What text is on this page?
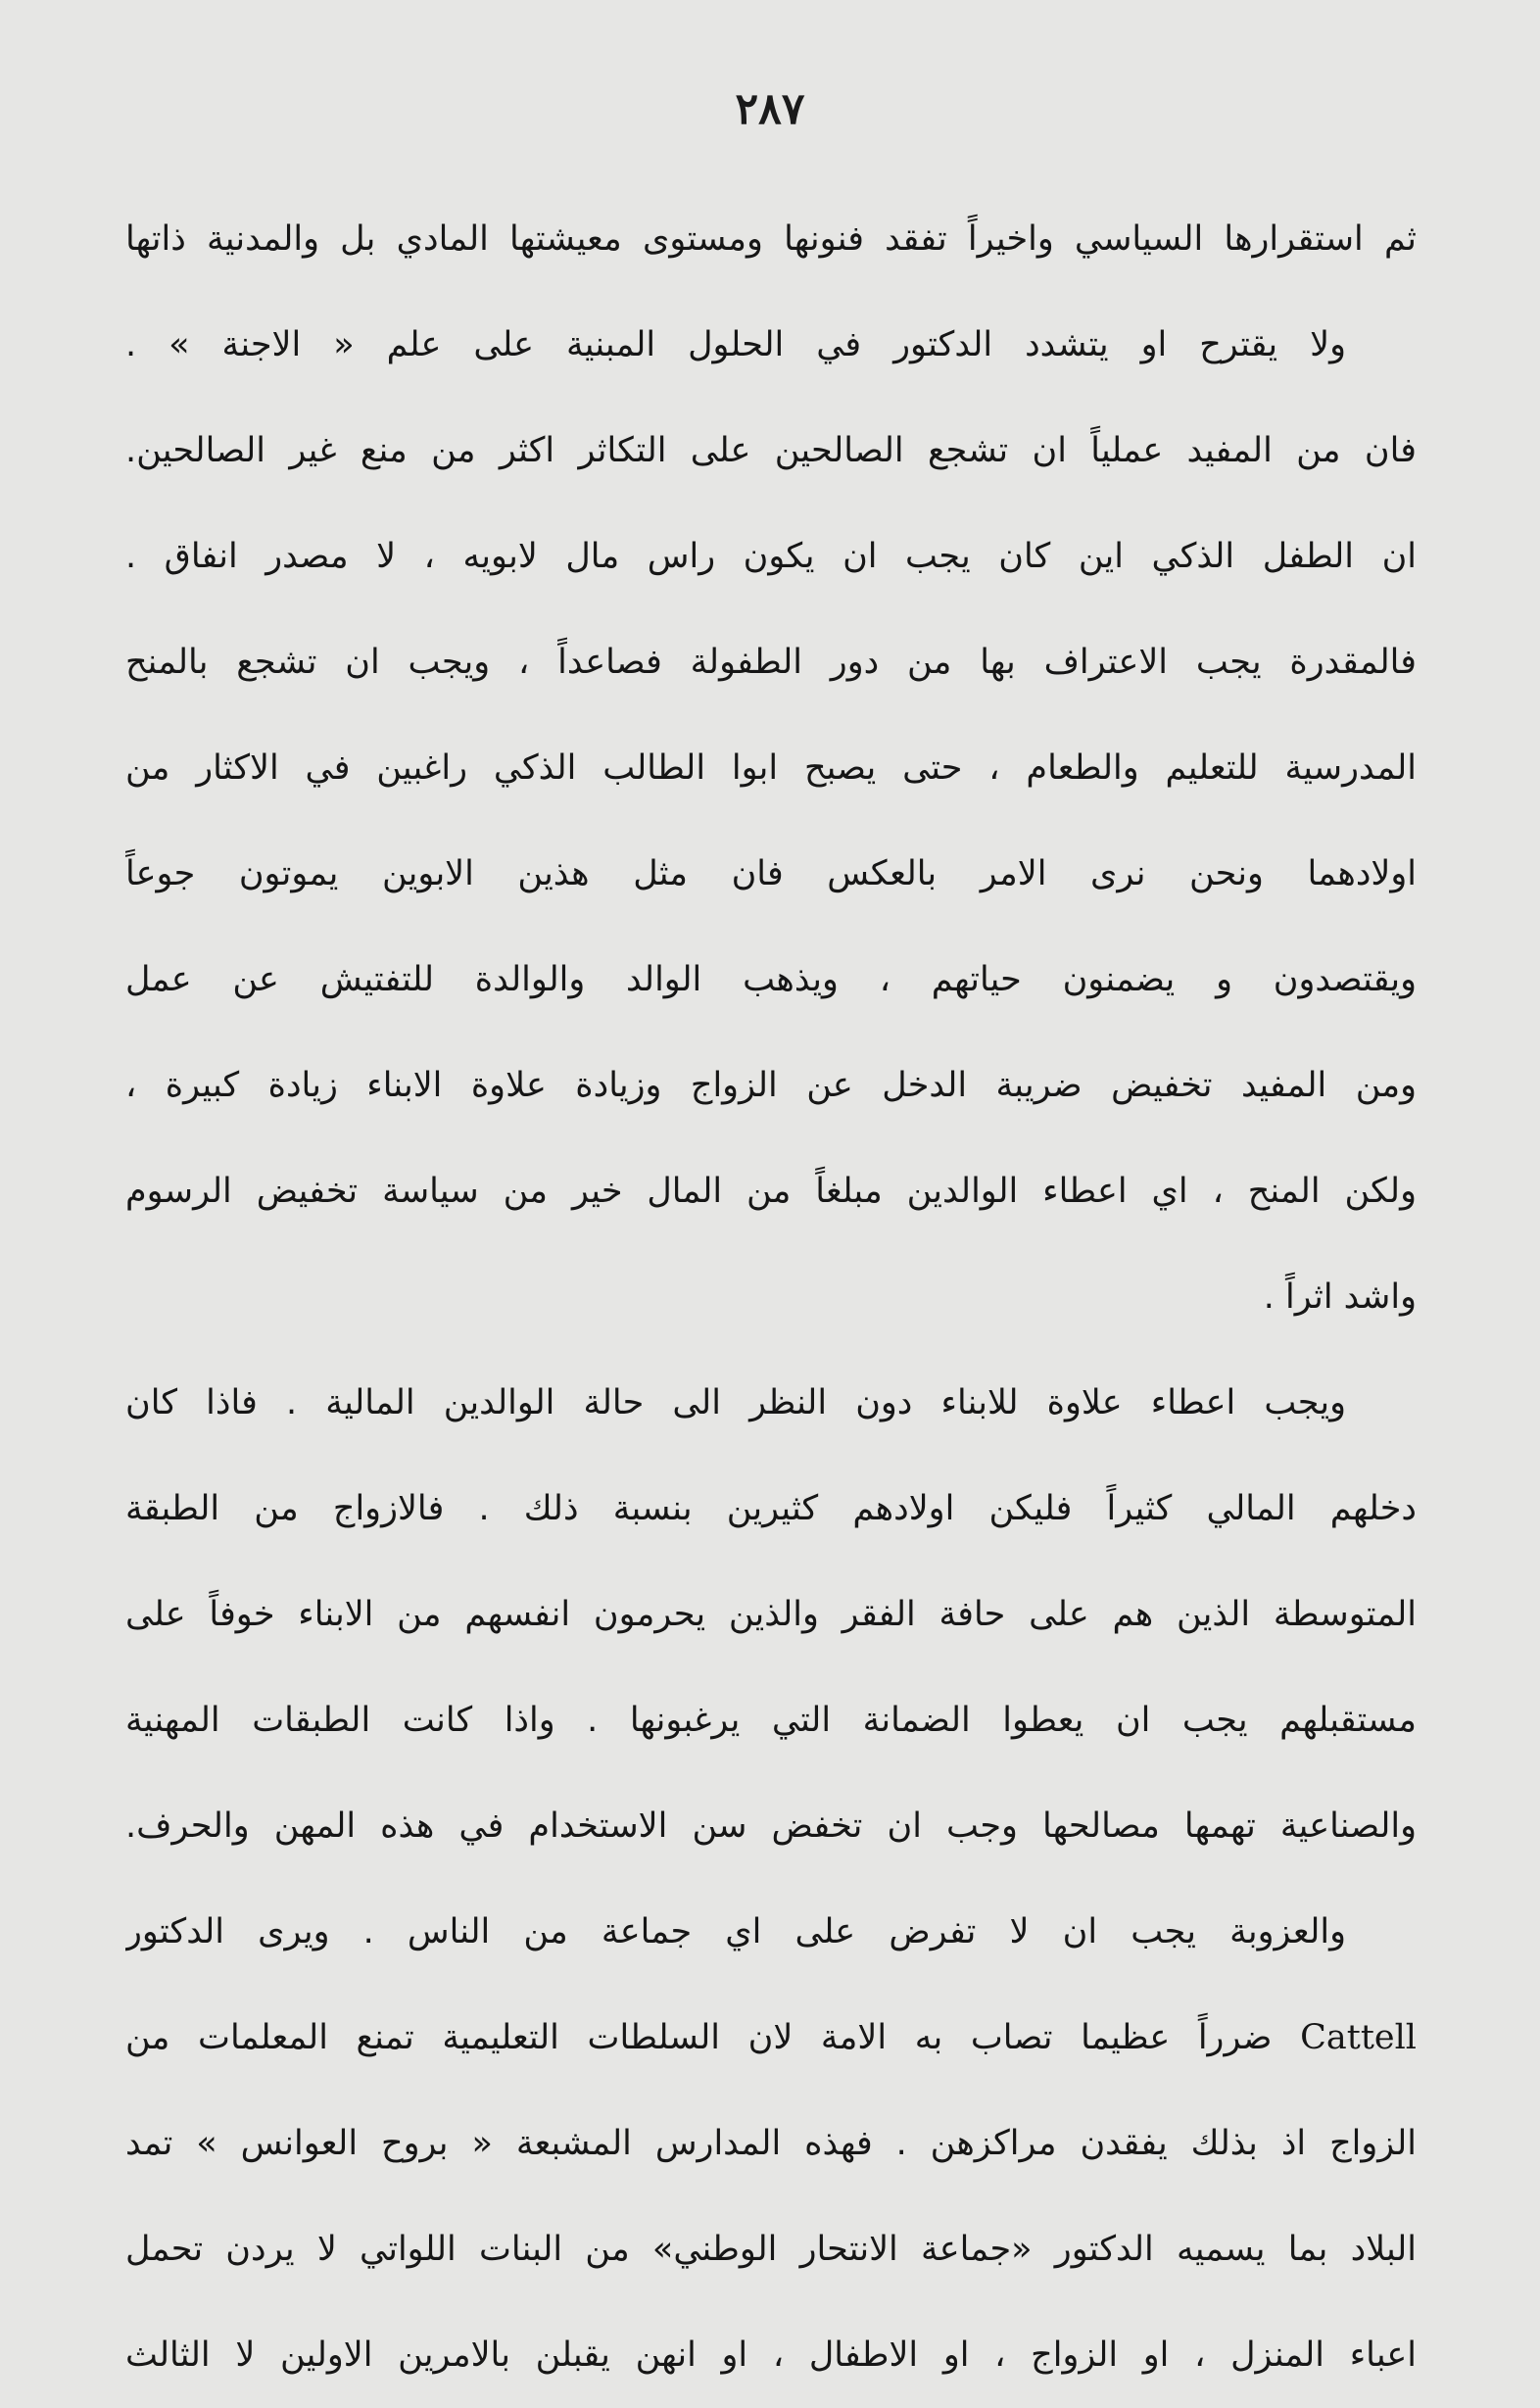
٢٨٧
ثم استقرارها السياسي واخيراً تفقد فنونها ومستوى معيشتها المادي بل والمدنية ذاتها
ولا يقترح او يتشدد الدكتور في الحلول المبنية على علم « الاجنة » .
فان من المفيد عملياً ان تشجع الصالحين على التكاثر اكثر من منع غير الصالحين.
ان الطفل الذكي اين كان يجب ان يكون راس مال لابويه ، لا مصدر انفاق .
فالمقدرة يجب الاعتراف بها من دور الطفولة فصاعداً ، ويجب ان تشجع بالمنح
المدرسية للتعليم والطعام ، حتى يصبح ابوا الطالب الذكي راغبين في الاكثار من
اولادهما ونحن نرى الامر بالعكس فان مثل هذين الابوين يموتون جوعاً
ويقتصدون و يضمنون حياتهم ، ويذهب الوالد والوالدة للتفتيش عن عمل
ومن المفيد تخفيض ضريبة الدخل عن الزواج وزيادة علاوة الابناء زيادة كبيرة ،
ولكن المنح ، اي اعطاء الوالدين مبلغاً من المال خير من سياسة تخفيض الرسوم
واشد اثراً .
ويجب اعطاء علاوة للابناء دون النظر الى حالة الوالدين المالية . فاذا كان
دخلهم المالي كثيراً فليكن اولادهم كثيرين بنسبة ذلك . فالازواج من الطبقة
المتوسطة الذين هم على حافة الفقر والذين يحرمون انفسهم من الابناء خوفاً على
مستقبلهم يجب ان يعطوا الضمانة التي يرغبونها . واذا كانت الطبقات المهنية
والصناعية تهمها مصالحها وجب ان تخفض سن الاستخدام في هذه المهن والحرف.
والعزوبة يجب ان لا تفرض على اي جماعة من الناس . ويرى الدكتور
Cattell ضرراً عظيما تصاب به الامة لان السلطات التعليمية تمنع المعلمات من
الزواج اذ بذلك يفقدن مراكزهن . فهذه المدارس المشبعة « بروح العوانس » تمد
البلاد بما يسميه الدكتور «جماعة الانتحار الوطني» من البنات اللواتي لا يردن تحمل
اعباء المنزل ، او الزواج ، او الاطفال ، او انهن يقبلن بالامرين الاولين لا الثالث
